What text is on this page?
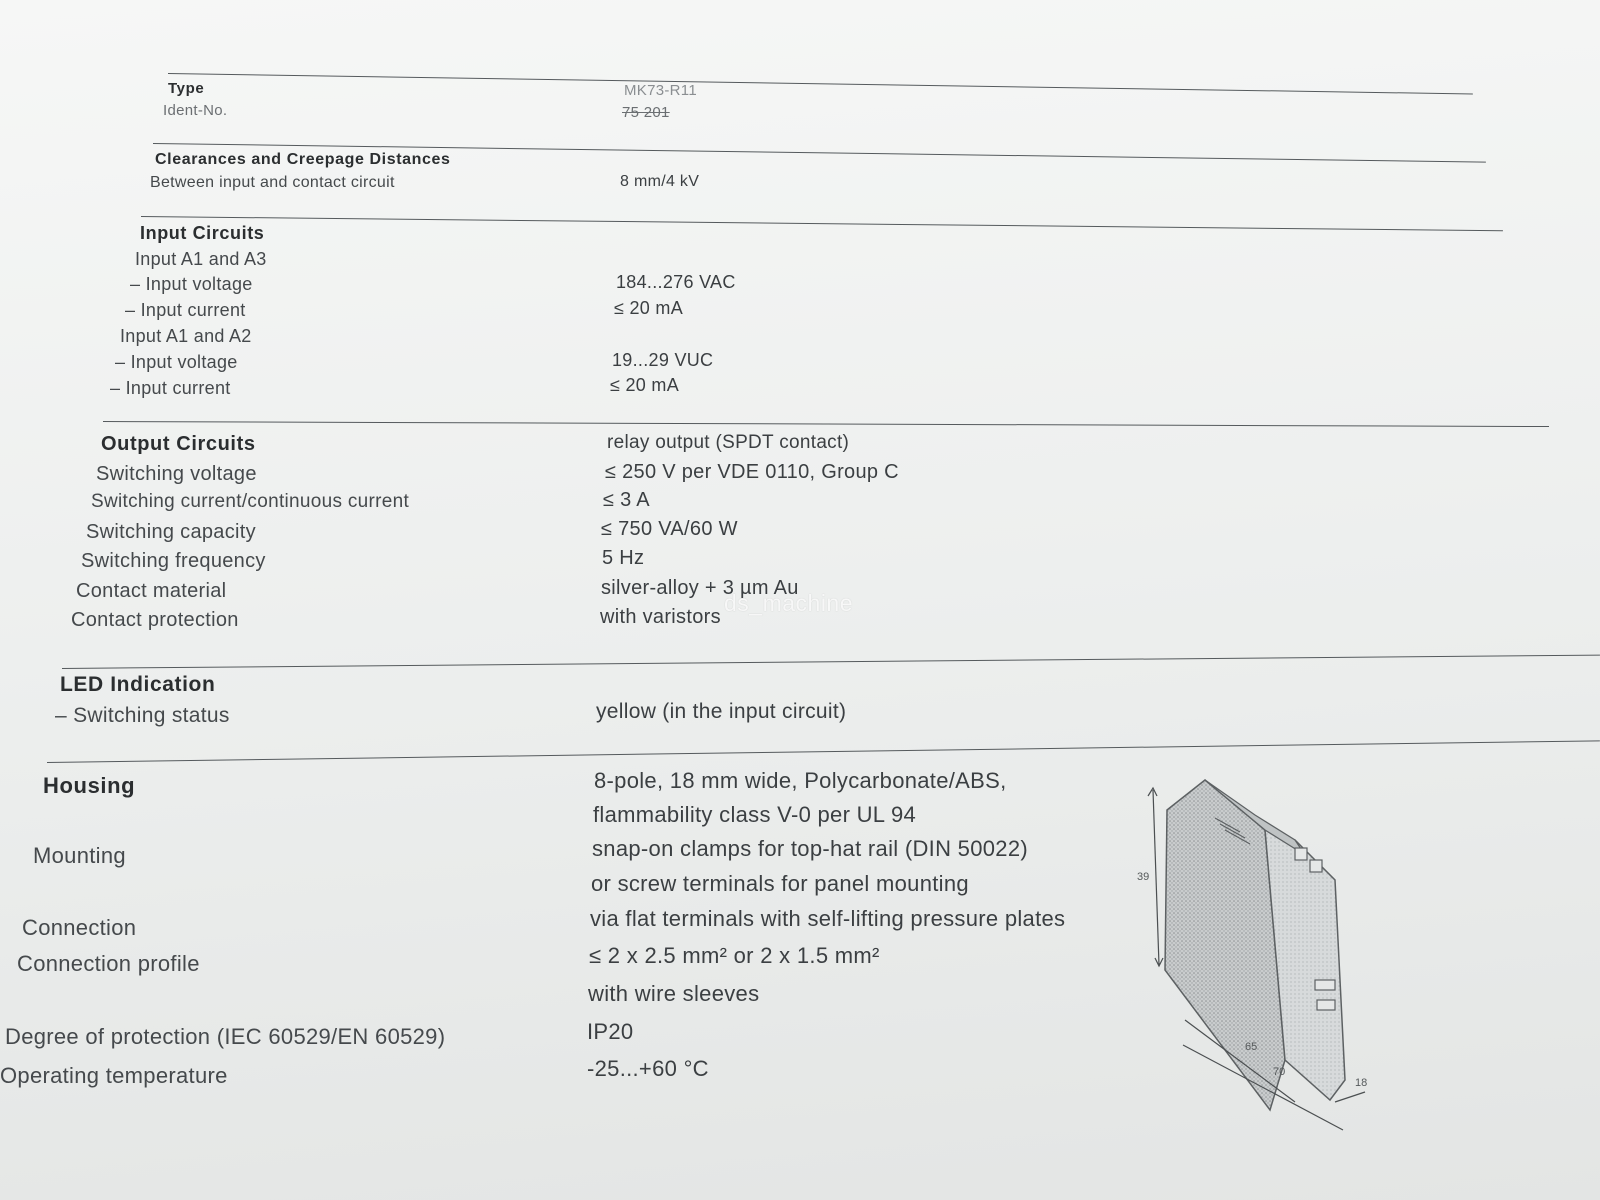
Type	MK73-R11
Ident-No.	75 201
Clearances and Creepage Distances
Between input and contact circuit	8 mm/4 kV
Input Circuits
Input A1 and A3
– Input voltage	184...276 VAC
– Input current	≤ 20 mA
Input A1 and A2
– Input voltage	19...29 VUC
– Input current	≤ 20 mA
Output Circuits	relay output (SPDT contact)
Switching voltage	≤ 250 V per VDE 0110, Group C
Switching current/continuous current	≤ 3 A
Switching capacity	≤ 750 VA/60 W
Switching frequency	5 Hz
Contact material	silver-alloy + 3 µm Au
Contact protection	with varistors
LED Indication
– Switching status	yellow (in the input circuit)
Housing	8-pole, 18 mm wide, Polycarbonate/ABS,
flammability class V-0 per UL 94
Mounting	snap-on clamps for top-hat rail (DIN 50022)
or screw terminals for panel mounting
Connection	via flat terminals with self-lifting pressure plates
Connection profile	≤ 2 x 2.5 mm² or 2 x 1.5 mm²
with wire sleeves
Degree of protection (IEC 60529/EN 60529)	IP20
Operating temperature	-25...+60 °C
ds_machine
39
65
70
18
